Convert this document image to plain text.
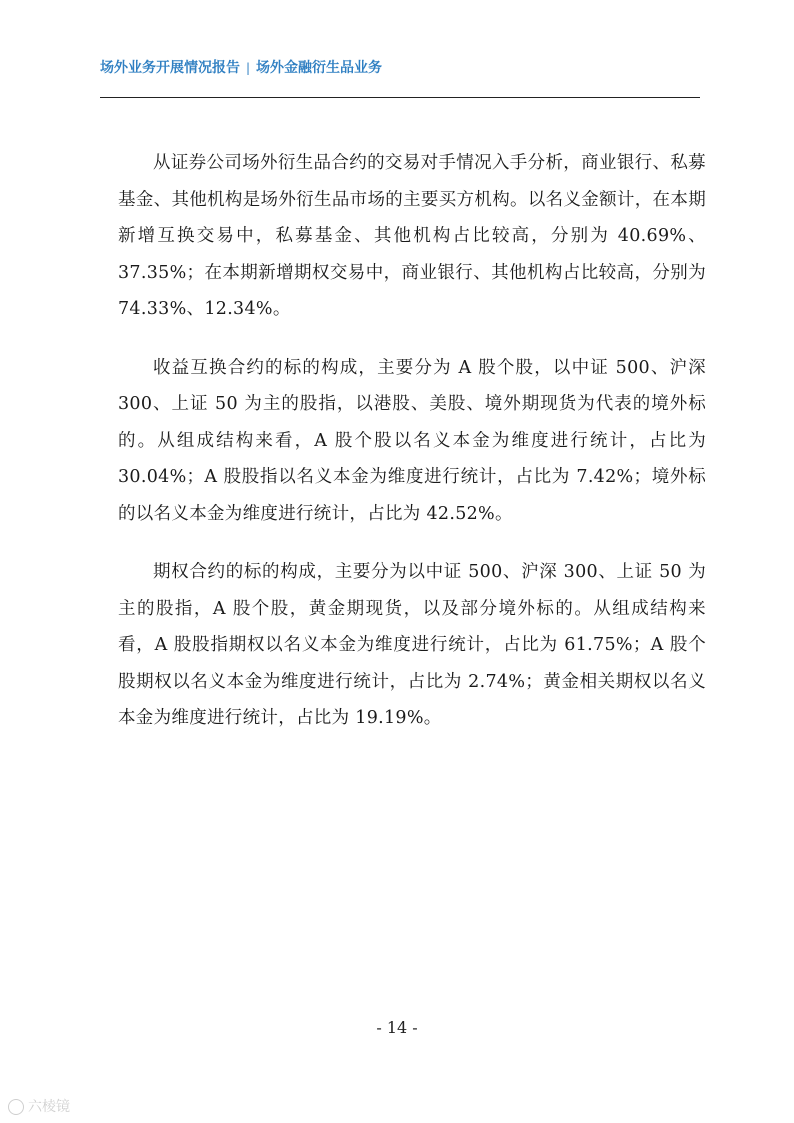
场外业务开展情况报告 | 场外金融衍生品业务

从证券公司场外衍生品合约的交易对手情况入手分析，商业银行、私募基金、其他机构是场外衍生品市场的主要买方机构。以名义金额计，在本期新增互换交易中，私募基金、其他机构占比较高，分别为 40.69%、37.35%；在本期新增期权交易中，商业银行、其他机构占比较高，分别为 74.33%、12.34%。

收益互换合约的标的构成，主要分为 A 股个股，以中证 500、沪深 300、上证 50 为主的股指，以港股、美股、境外期现货为代表的境外标的。从组成结构来看，A 股个股以名义本金为维度进行统计，占比为 30.04%；A 股股指以名义本金为维度进行统计，占比为 7.42%；境外标的以名义本金为维度进行统计，占比为 42.52%。

期权合约的标的构成，主要分为以中证 500、沪深 300、上证 50 为主的股指，A 股个股，黄金期现货，以及部分境外标的。从组成结构来看，A 股股指期权以名义本金为维度进行统计，占比为 61.75%；A 股个股期权以名义本金为维度进行统计，占比为 2.74%；黄金相关期权以名义本金为维度进行统计，占比为 19.19%。

- 14 -
六棱镜
